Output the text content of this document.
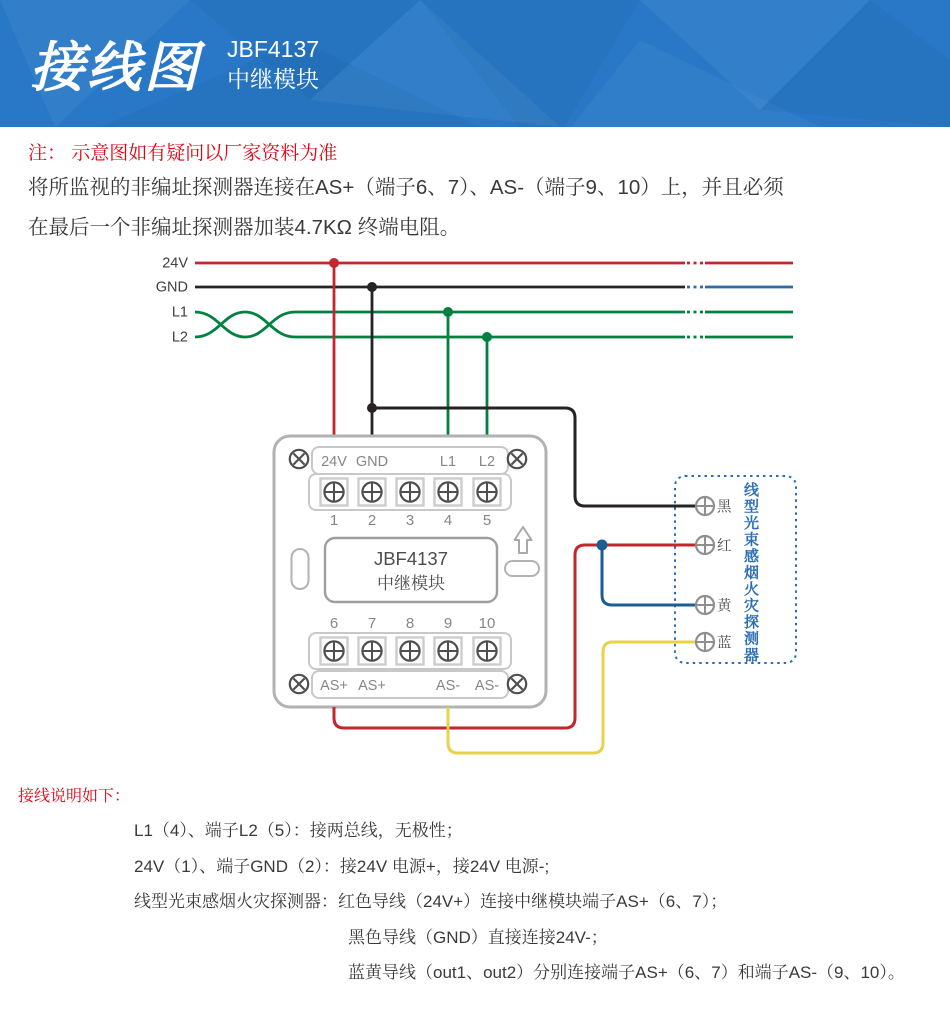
接线图 JBF4137
中继模块
注： 示意图如有疑问以厂家资料为准
将所监视的非编址探测器连接在AS+（端子6、7）、AS-（端子9、10）上，并且必须
在最后一个非编址探测器加装4.7KΩ 终端电阻。
24V
GND
L1
L2
24V GND	L1 L2
1 2 3 4 5
JBF4137
中继模块
6 7 8 9 10
AS+ AS+	AS- AS-
黑
红
黄
蓝 线型光束感烟火灾探测器
接线说明如下：
L1（4）、端子L2（5）：接两总线，无极性；
24V（1）、端子GND（2）：接24V 电源+，接24V 电源-;
线型光束感烟火灾探测器：红色导线（24V+）连接中继模块端子AS+（6、7）；
黑色导线（GND）直接连接24V-；
蓝黄导线（out1、out2）分别连接端子AS+（6、7）和端子AS-（9、10）。
